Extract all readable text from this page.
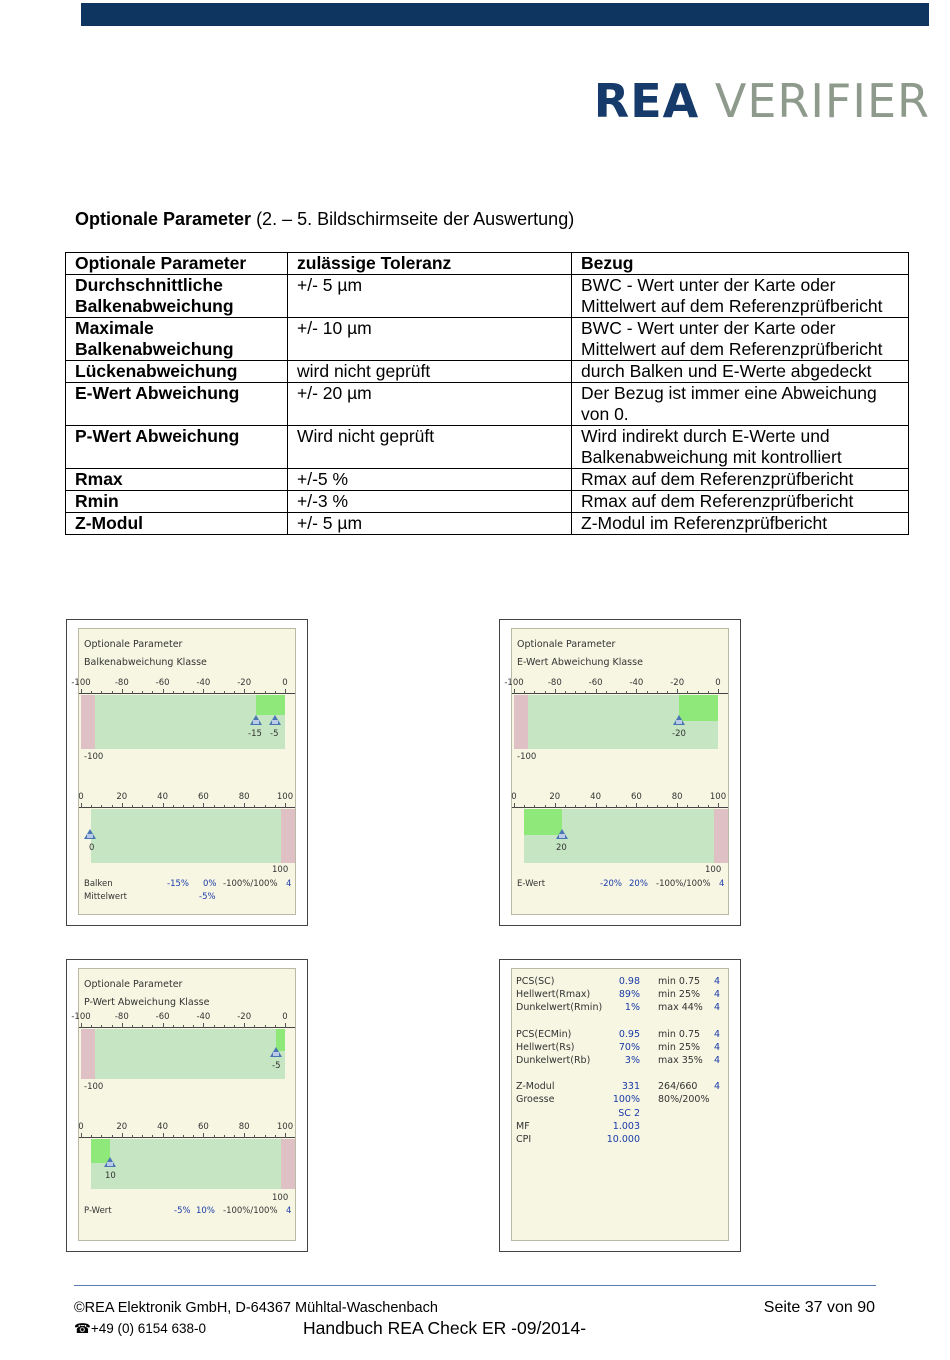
REA VERIFIER
Optionale Parameter (2. – 5. Bildschirmseite der Auswertung)
Optionale Parameter	zulässige Toleranz	Bezug
Durchschnittliche Balkenabweichung	+/- 5 µm	BWC - Wert unter der Karte oder Mittelwert auf dem Referenzprüfbericht
Maximale Balkenabweichung	+/- 10 µm	BWC - Wert unter der Karte oder Mittelwert auf dem Referenzprüfbericht
Lückenabweichung	wird nicht geprüft	durch Balken und E-Werte abgedeckt
E-Wert Abweichung	+/- 20 µm	Der Bezug ist immer eine Abweichung von 0.
P-Wert Abweichung	Wird nicht geprüft	Wird indirekt durch E-Werte und Balkenabweichung mit kontrolliert
Rmax	+/-5 %	Rmax auf dem Referenzprüfbericht
Rmin	+/-3 %	Rmax auf dem Referenzprüfbericht
Z-Modul	+/- 5 µm	Z-Modul im Referenzprüfbericht
Optionale Parameter
Balkenabweichung Klasse
-100	-80	-60	-40	-20	0
-15 -5
-100
0	20	40	60	80	100
0
100
Balken	-15% 0% -100%/100% 4
Mittelwert	-5%
Optionale Parameter
E-Wert Abweichung Klasse
-100	-80	-60	-40	-20	0
-20
-100
0	20	40	60	80	100
20
100
E-Wert	-20% 20% -100%/100% 4
Optionale Parameter
P-Wert Abweichung Klasse
-100	-80	-60	-40	-20	0
-5
-100
0	20	40	60	80	100
10
100
P-Wert	-5% 10% -100%/100% 4
PCS(SC)	0.98 min 0.75 4
Hellwert(Rmax)	89% min 25% 4
Dunkelwert(Rmin) 1% max 44% 4
PCS(ECMin)	0.95 min 0.75 4
Hellwert(Rs)	70% min 25% 4
Dunkelwert(Rb)	3% max 35% 4
Z-Modul	331 264/660 4
Groesse	100% 80%/200%
SC 2
MF	1.003
CPI	10.000
©REA Elektronik GmbH, D-64367 Mühltal-Waschenbach
☎+49 (0) 6154 638-0	Handbuch REA Check ER -09/2014-
Seite 37 von 90
